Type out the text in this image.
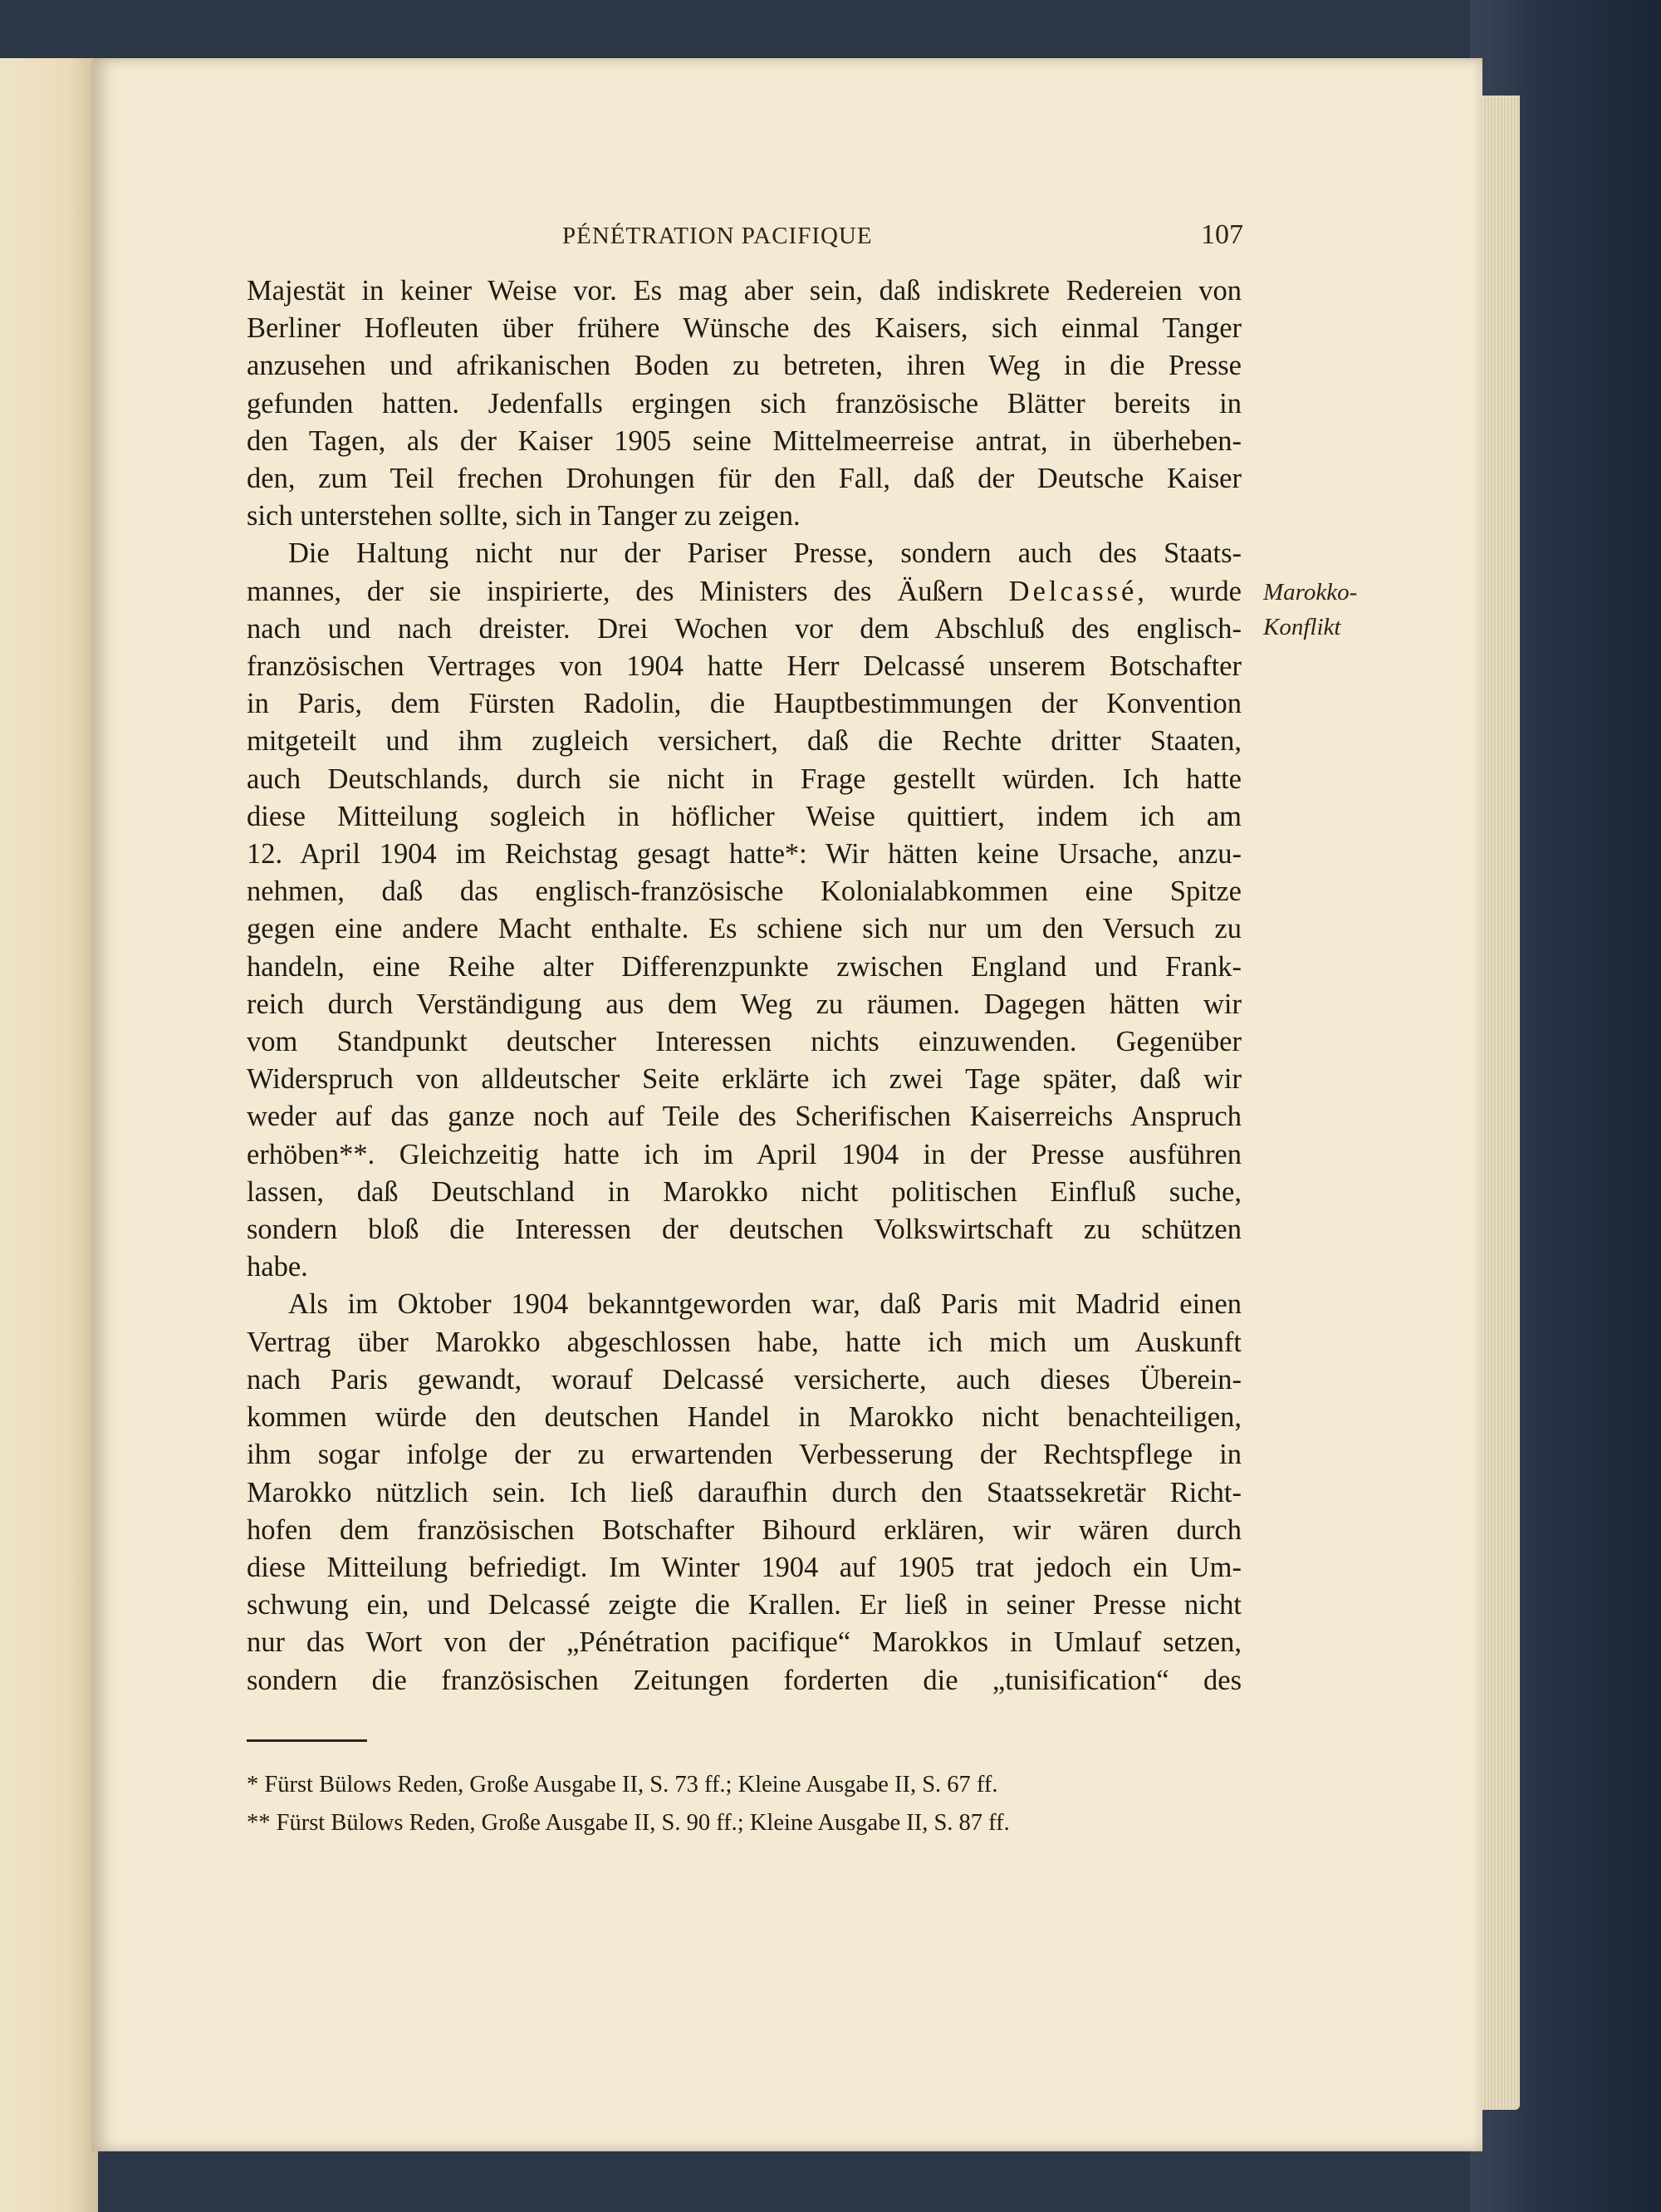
PÉNÉTRATION PACIFIQUE	107
Marokko-
Konflikt

Majestät in keiner Weise vor. Es mag aber sein, daß indiskrete Redereien von

Berliner Hofleuten über frühere Wünsche des Kaisers, sich einmal Tanger

anzusehen und afrikanischen Boden zu betreten, ihren Weg in die Presse

gefunden hatten. Jedenfalls ergingen sich französische Blätter bereits in

den Tagen, als der Kaiser 1905 seine Mittelmeerreise antrat, in überheben-

den, zum Teil frechen Drohungen für den Fall, daß der Deutsche Kaiser

sich unterstehen sollte, sich in Tanger zu zeigen.

Die Haltung nicht nur der Pariser Presse, sondern auch des Staats-

mannes, der sie inspirierte, des Ministers des Äußern Delcassé, wurde

nach und nach dreister. Drei Wochen vor dem Abschluß des englisch-

französischen Vertrages von 1904 hatte Herr Delcassé unserem Botschafter

in Paris, dem Fürsten Radolin, die Hauptbestimmungen der Konvention

mitgeteilt und ihm zugleich versichert, daß die Rechte dritter Staaten,

auch Deutschlands, durch sie nicht in Frage gestellt würden. Ich hatte

diese Mitteilung sogleich in höflicher Weise quittiert, indem ich am

12. April 1904 im Reichstag gesagt hatte*: Wir hätten keine Ursache, anzu-

nehmen, daß das englisch-französische Kolonialabkommen eine Spitze

gegen eine andere Macht enthalte. Es schiene sich nur um den Versuch zu

handeln, eine Reihe alter Differenzpunkte zwischen England und Frank-

reich durch Verständigung aus dem Weg zu räumen. Dagegen hätten wir

vom Standpunkt deutscher Interessen nichts einzuwenden. Gegenüber

Widerspruch von alldeutscher Seite erklärte ich zwei Tage später, daß wir

weder auf das ganze noch auf Teile des Scherifischen Kaiserreichs Anspruch

erhöben**. Gleichzeitig hatte ich im April 1904 in der Presse ausführen

lassen, daß Deutschland in Marokko nicht politischen Einfluß suche,

sondern bloß die Interessen der deutschen Volkswirtschaft zu schützen

habe.

Als im Oktober 1904 bekanntgeworden war, daß Paris mit Madrid einen

Vertrag über Marokko abgeschlossen habe, hatte ich mich um Auskunft

nach Paris gewandt, worauf Delcassé versicherte, auch dieses Überein-

kommen würde den deutschen Handel in Marokko nicht benachteiligen,

ihm sogar infolge der zu erwartenden Verbesserung der Rechtspflege in

Marokko nützlich sein. Ich ließ daraufhin durch den Staatssekretär Richt-

hofen dem französischen Botschafter Bihourd erklären, wir wären durch

diese Mitteilung befriedigt. Im Winter 1904 auf 1905 trat jedoch ein Um-

schwung ein, und Delcassé zeigte die Krallen. Er ließ in seiner Presse nicht

nur das Wort von der „Pénétration pacifique“ Marokkos in Umlauf setzen,

sondern die französischen Zeitungen forderten die „tunisification“ des

* Fürst Bülows Reden, Große Ausgabe II, S. 73 ff.; Kleine Ausgabe II, S. 67 ff.

** Fürst Bülows Reden, Große Ausgabe II, S. 90 ff.; Kleine Ausgabe II, S. 87 ff.
